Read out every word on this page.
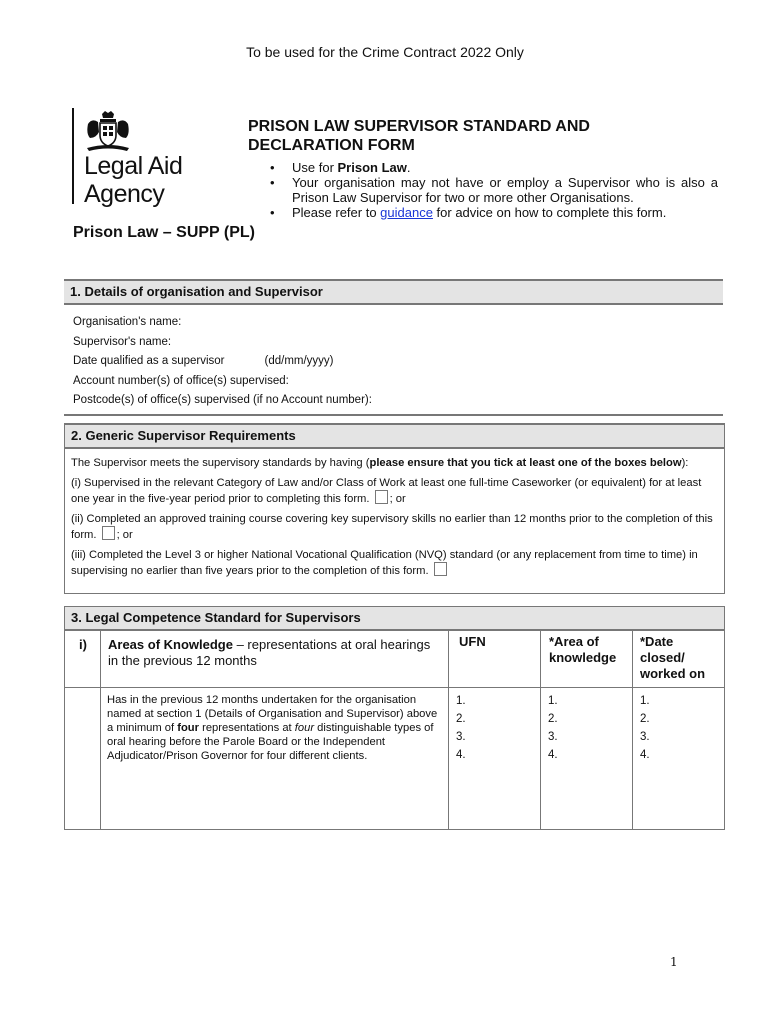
To be used for the Crime Contract 2022 Only
Legal Aid
Agency
PRISON LAW SUPERVISOR STANDARD AND
DECLARATION FORM
• Use for Prison Law.
• Your organisation may not have or employ a Supervisor who is also a Prison Law Supervisor for two or more other Organisations.
• Please refer to guidance for advice on how to complete this form.
Prison Law – SUPP (PL)
1. Details of organisation and Supervisor
Organisation's name:
Supervisor's name:
Date qualified as a supervisor	(dd/mm/yyyy)
Account number(s) of office(s) supervised:
Postcode(s) of office(s) supervised (if no Account number):
2. Generic Supervisor Requirements

The Supervisor meets the supervisory standards by having (please ensure that you tick at least one of the boxes below):

(i) Supervised in the relevant Category of Law and/or Class of Work at least one full-time Caseworker (or equivalent) for at least one year in the five-year period prior to completing this form. ; or

(ii) Completed an approved training course covering key supervisory skills no earlier than 12 months prior to the completion of this form. ; or

(iii) Completed the Level 3 or higher National Vocational Qualification (NVQ) standard (or any replacement from time to time) in supervising no earlier than five years prior to the completion of this form.

3. Legal Competence Standard for Supervisors
i) Areas of Knowledge – representations at oral hearings in the previous 12 months
UFN	*Area of knowledge
*Date closed/ worked on
Has in the previous 12 months undertaken for the organisation named at section 1 (Details of Organisation and Supervisor) above a minimum of four representations at four distinguishable types of oral hearing before the Parole Board or the Independent Adjudicator/Prison Governor for four different clients.
1.
2.
3.
4.
1.
2.
3.
4.
1.
2.
3.
4.
1
